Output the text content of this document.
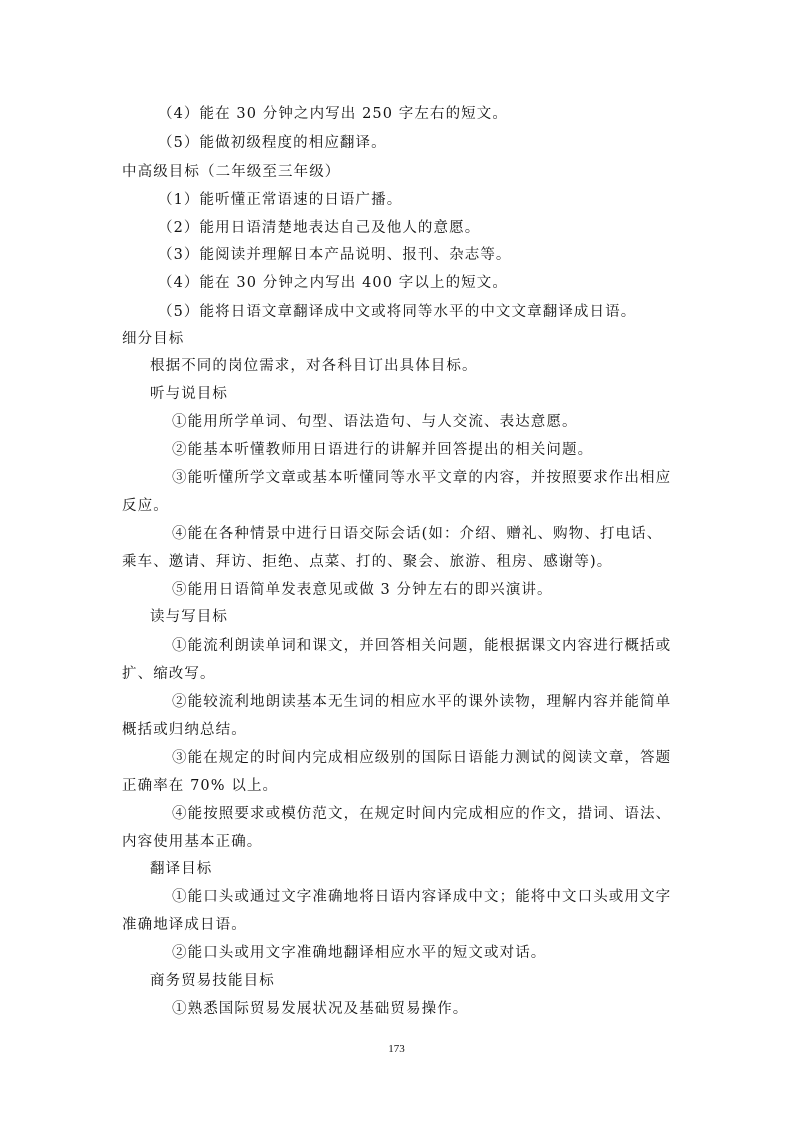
（4）能在 30 分钟之内写出 250 字左右的短文。
（5）能做初级程度的相应翻译。
中高级目标（二年级至三年级）
（1）能听懂正常语速的日语广播。
（2）能用日语清楚地表达自己及他人的意愿。
（3）能阅读并理解日本产品说明、报刊、杂志等。
（4）能在 30 分钟之内写出 400 字以上的短文。
（5）能将日语文章翻译成中文或将同等水平的中文文章翻译成日语。
细分目标
根据不同的岗位需求，对各科目订出具体目标。
听与说目标
①能用所学单词、句型、语法造句、与人交流、表达意愿。
②能基本听懂教师用日语进行的讲解并回答提出的相关问题。
③能听懂所学文章或基本听懂同等水平文章的内容，并按照要求作出相应
反应。
④能在各种情景中进行日语交际会话(如：介绍、赠礼、购物、打电话、
乘车、邀请、拜访、拒绝、点菜、打的、聚会、旅游、租房、感谢等)。
⑤能用日语简单发表意见或做 3 分钟左右的即兴演讲。
读与写目标
①能流利朗读单词和课文，并回答相关问题，能根据课文内容进行概括或
扩、缩改写。
②能较流利地朗读基本无生词的相应水平的课外读物，理解内容并能简单
概括或归纳总结。
③能在规定的时间内完成相应级别的国际日语能力测试的阅读文章，答题
正确率在 70% 以上。
④能按照要求或模仿范文，在规定时间内完成相应的作文，措词、语法、
内容使用基本正确。
翻译目标
①能口头或通过文字准确地将日语内容译成中文；能将中文口头或用文字
准确地译成日语。
②能口头或用文字准确地翻译相应水平的短文或对话。
商务贸易技能目标
①熟悉国际贸易发展状况及基础贸易操作。
173
